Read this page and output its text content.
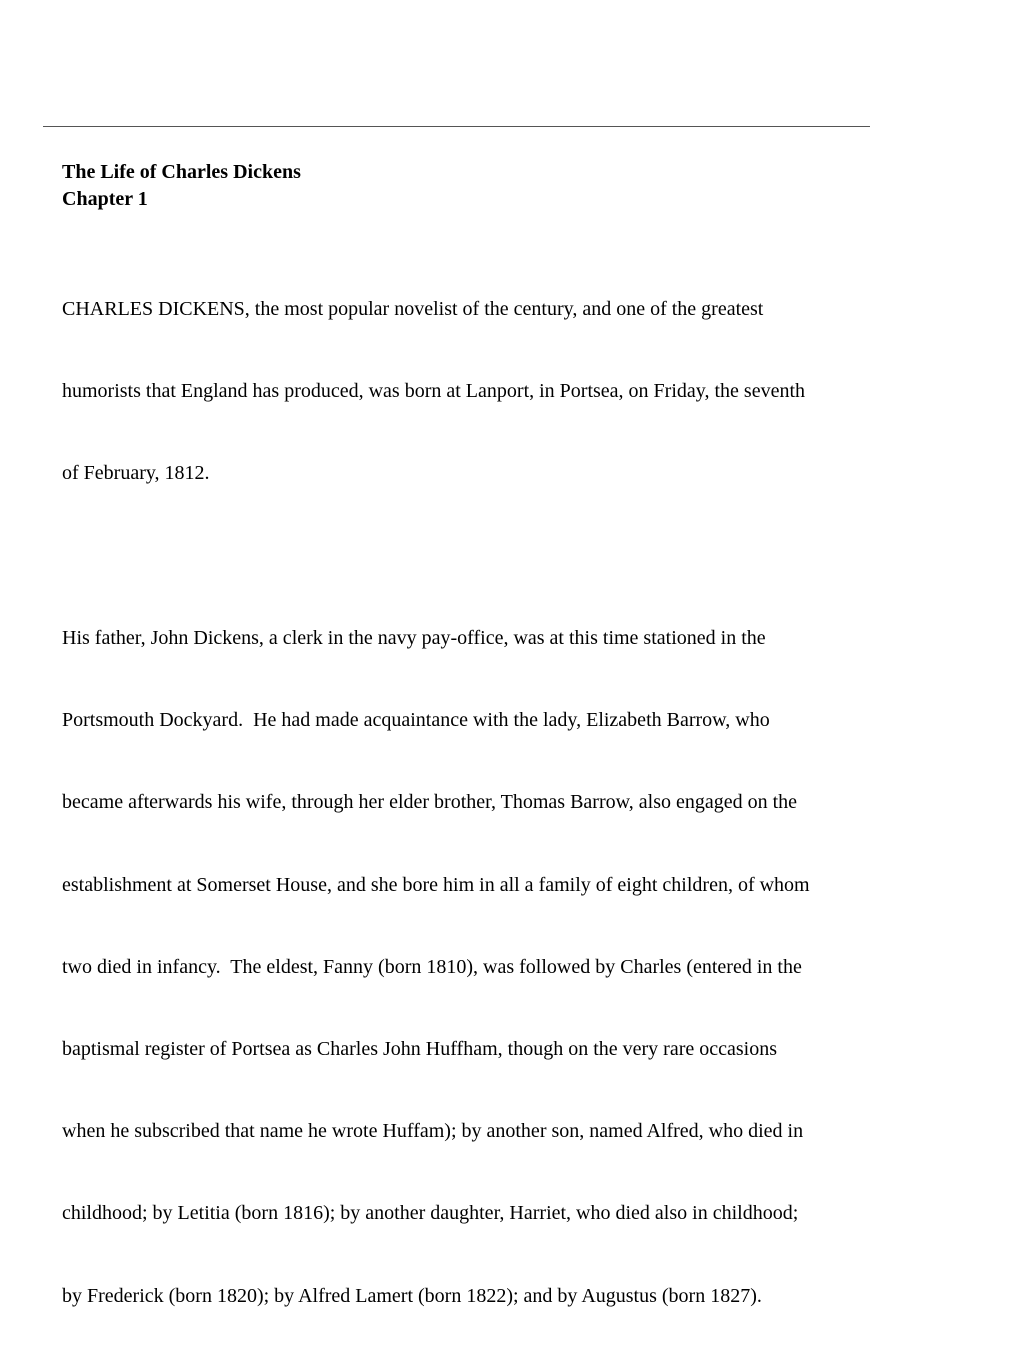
The Life of Charles Dickens
Chapter 1

CHARLES DICKENS, the most popular novelist of the century, and one of the greatest

humorists that England has produced, was born at Lanport, in Portsea, on Friday, the seventh

of February, 1812.

His father, John Dickens, a clerk in the navy pay-office, was at this time stationed in the

Portsmouth Dockyard.  He had made acquaintance with the lady, Elizabeth Barrow, who

became afterwards his wife, through her elder brother, Thomas Barrow, also engaged on the

establishment at Somerset House, and she bore him in all a family of eight children, of whom

two died in infancy.  The eldest, Fanny (born 1810), was followed by Charles (entered in the

baptismal register of Portsea as Charles John Huffham, though on the very rare occasions

when he subscribed that name he wrote Huffam); by another son, named Alfred, who died in

childhood; by Letitia (born 1816); by another daughter, Harriet, who died also in childhood;

by Frederick (born 1820); by Alfred Lamert (born 1822); and by Augustus (born 1827).
